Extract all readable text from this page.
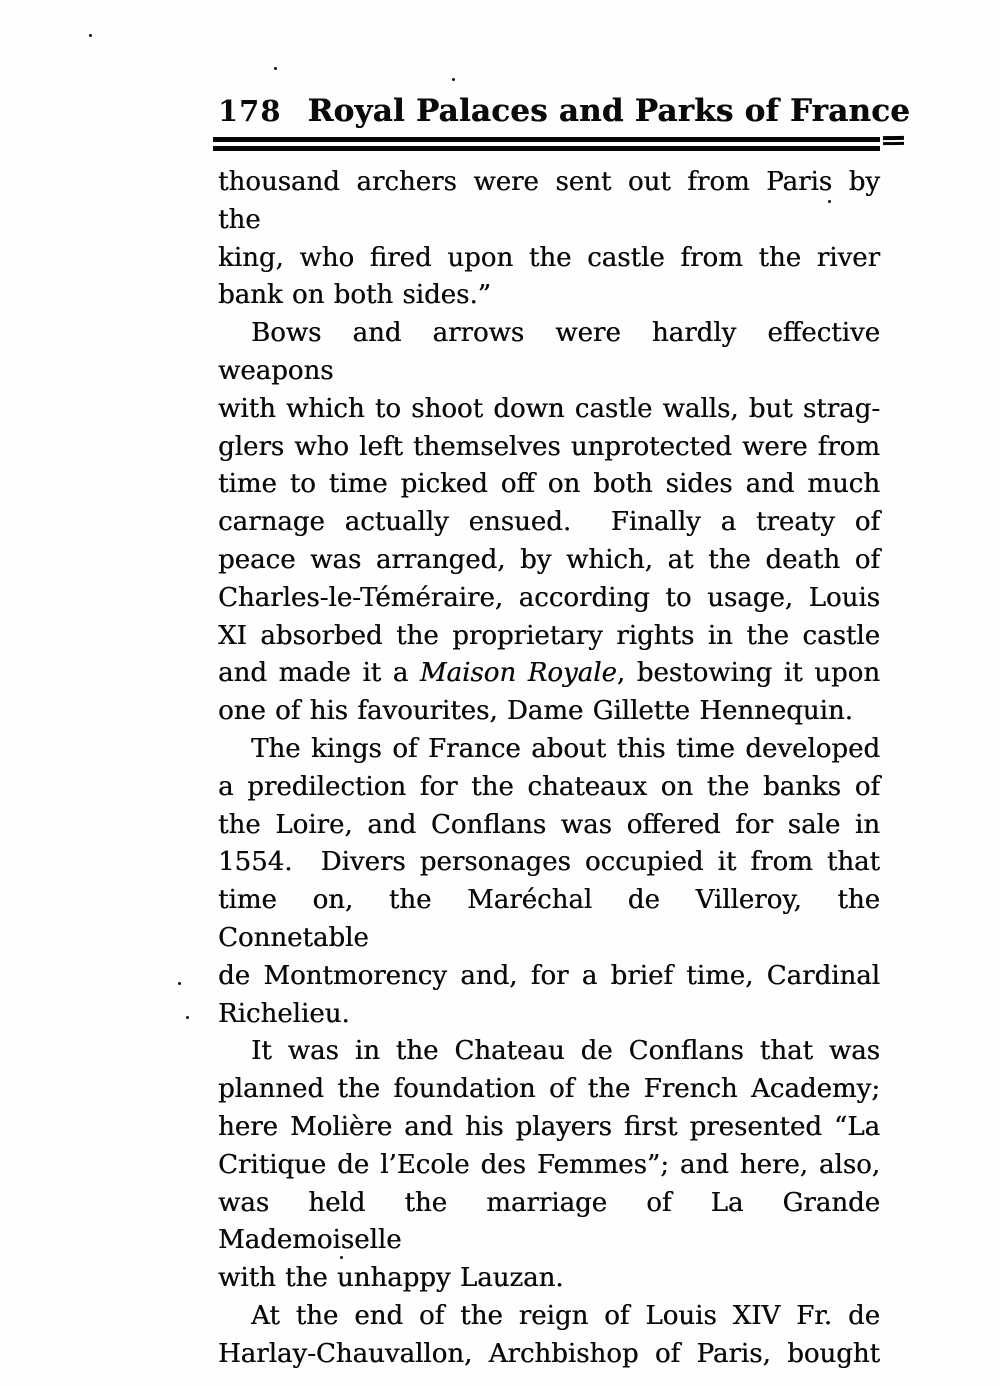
178 Royal Palaces and Parks of France
thousand archers were sent out from Paris by the
king, who fired upon the castle from the river
bank on both sides.”
Bows and arrows were hardly effective weapons
with which to shoot down castle walls, but strag-
glers who left themselves unprotected were from
time to time picked off on both sides and much
carnage actually ensued.  Finally a treaty of
peace was arranged, by which, at the death of
Charles-le-Téméraire, according to usage, Louis
XI absorbed the proprietary rights in the castle
and made it a Maison Royale, bestowing it upon
one of his favourites, Dame Gillette Hennequin.
The kings of France about this time developed
a predilection for the chateaux on the banks of
the Loire, and Conflans was offered for sale in
1554.  Divers personages occupied it from that
time on, the Maréchal de Villeroy, the Connetable
de Montmorency and, for a brief time, Cardinal
Richelieu.
It was in the Chateau de Conflans that was
planned the foundation of the French Academy;
here Molière and his players first presented “La
Critique de l’Ecole des Femmes”; and here, also,
was held the marriage of La Grande Mademoiselle
with the unhappy Lauzan.
At the end of the reign of Louis XIV Fr. de
Harlay-Chauvallon, Archbishop of Paris, bought
